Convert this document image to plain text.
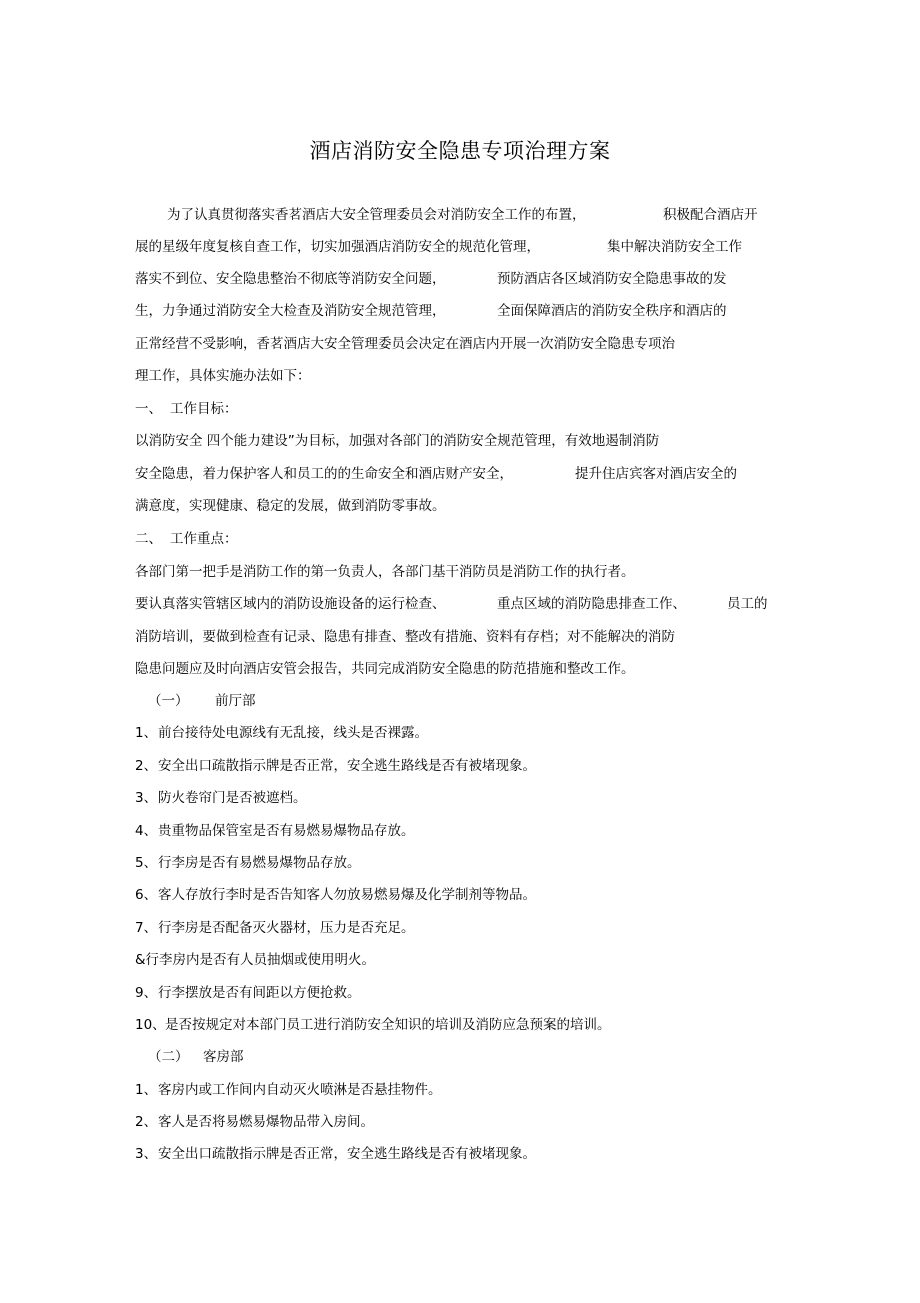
酒店消防安全隐患专项治理方案
为了认真贯彻落实香茗酒店大安全管理委员会对消防安全工作的布置，	积极配合酒店开
展的星级年度复核自查工作，切实加强酒店消防安全的规范化管理，	集中解决消防安全工作
落实不到位、安全隐患整治不彻底等消防安全问题，	预防酒店各区域消防安全隐患事故的发
生，力争通过消防安全大检查及消防安全规范管理，	全面保障酒店的消防安全秩序和酒店的
正常经营不受影响，香茗酒店大安全管理委员会决定在酒店内开展一次消防安全隐患专项治
理工作，具体实施办法如下：
一、 工作目标：
以消防安全 四个能力建设”为目标，加强对各部门的消防安全规范管理，有效地遏制消防
安全隐患，着力保护客人和员工的的生命安全和酒店财产安全，	提升住店宾客对酒店安全的
满意度，实现健康、稳定的发展，做到消防零事故。
二、 工作重点：
各部门第一把手是消防工作的第一负责人，各部门基干消防员是消防工作的执行者。
要认真落实管辖区域内的消防设施设备的运行检查、	重点区域的消防隐患排查工作、	员工的
消防培训，要做到检查有记录、隐患有排查、整改有措施、资料有存档；对不能解决的消防
隐患问题应及时向酒店安管会报告，共同完成消防安全隐患的防范措施和整改工作。
（一） 前厅部
1、 前台接待处电源线有无乱接，线头是否裸露。
2、 安全出口疏散指示牌是否正常，安全逃生路线是否有被堵现象。
3、 防火卷帘门是否被遮档。
4、 贵重物品保管室是否有易燃易爆物品存放。
5、 行李房是否有易燃易爆物品存放。
6、 客人存放行李时是否告知客人勿放易燃易爆及化学制剂等物品。
7、 行李房是否配备灭火器材，压力是否充足。
&行李房内是否有人员抽烟或使用明火。
9、 行李摆放是否有间距以方便抢救。
10、 是否按规定对本部门员工进行消防安全知识的培训及消防应急预案的培训。
（二） 客房部
1、 客房内或工作间内自动灭火喷淋是否悬挂物件。
2、 客人是否将易燃易爆物品带入房间。
3、 安全出口疏散指示牌是否正常，安全逃生路线是否有被堵现象。
